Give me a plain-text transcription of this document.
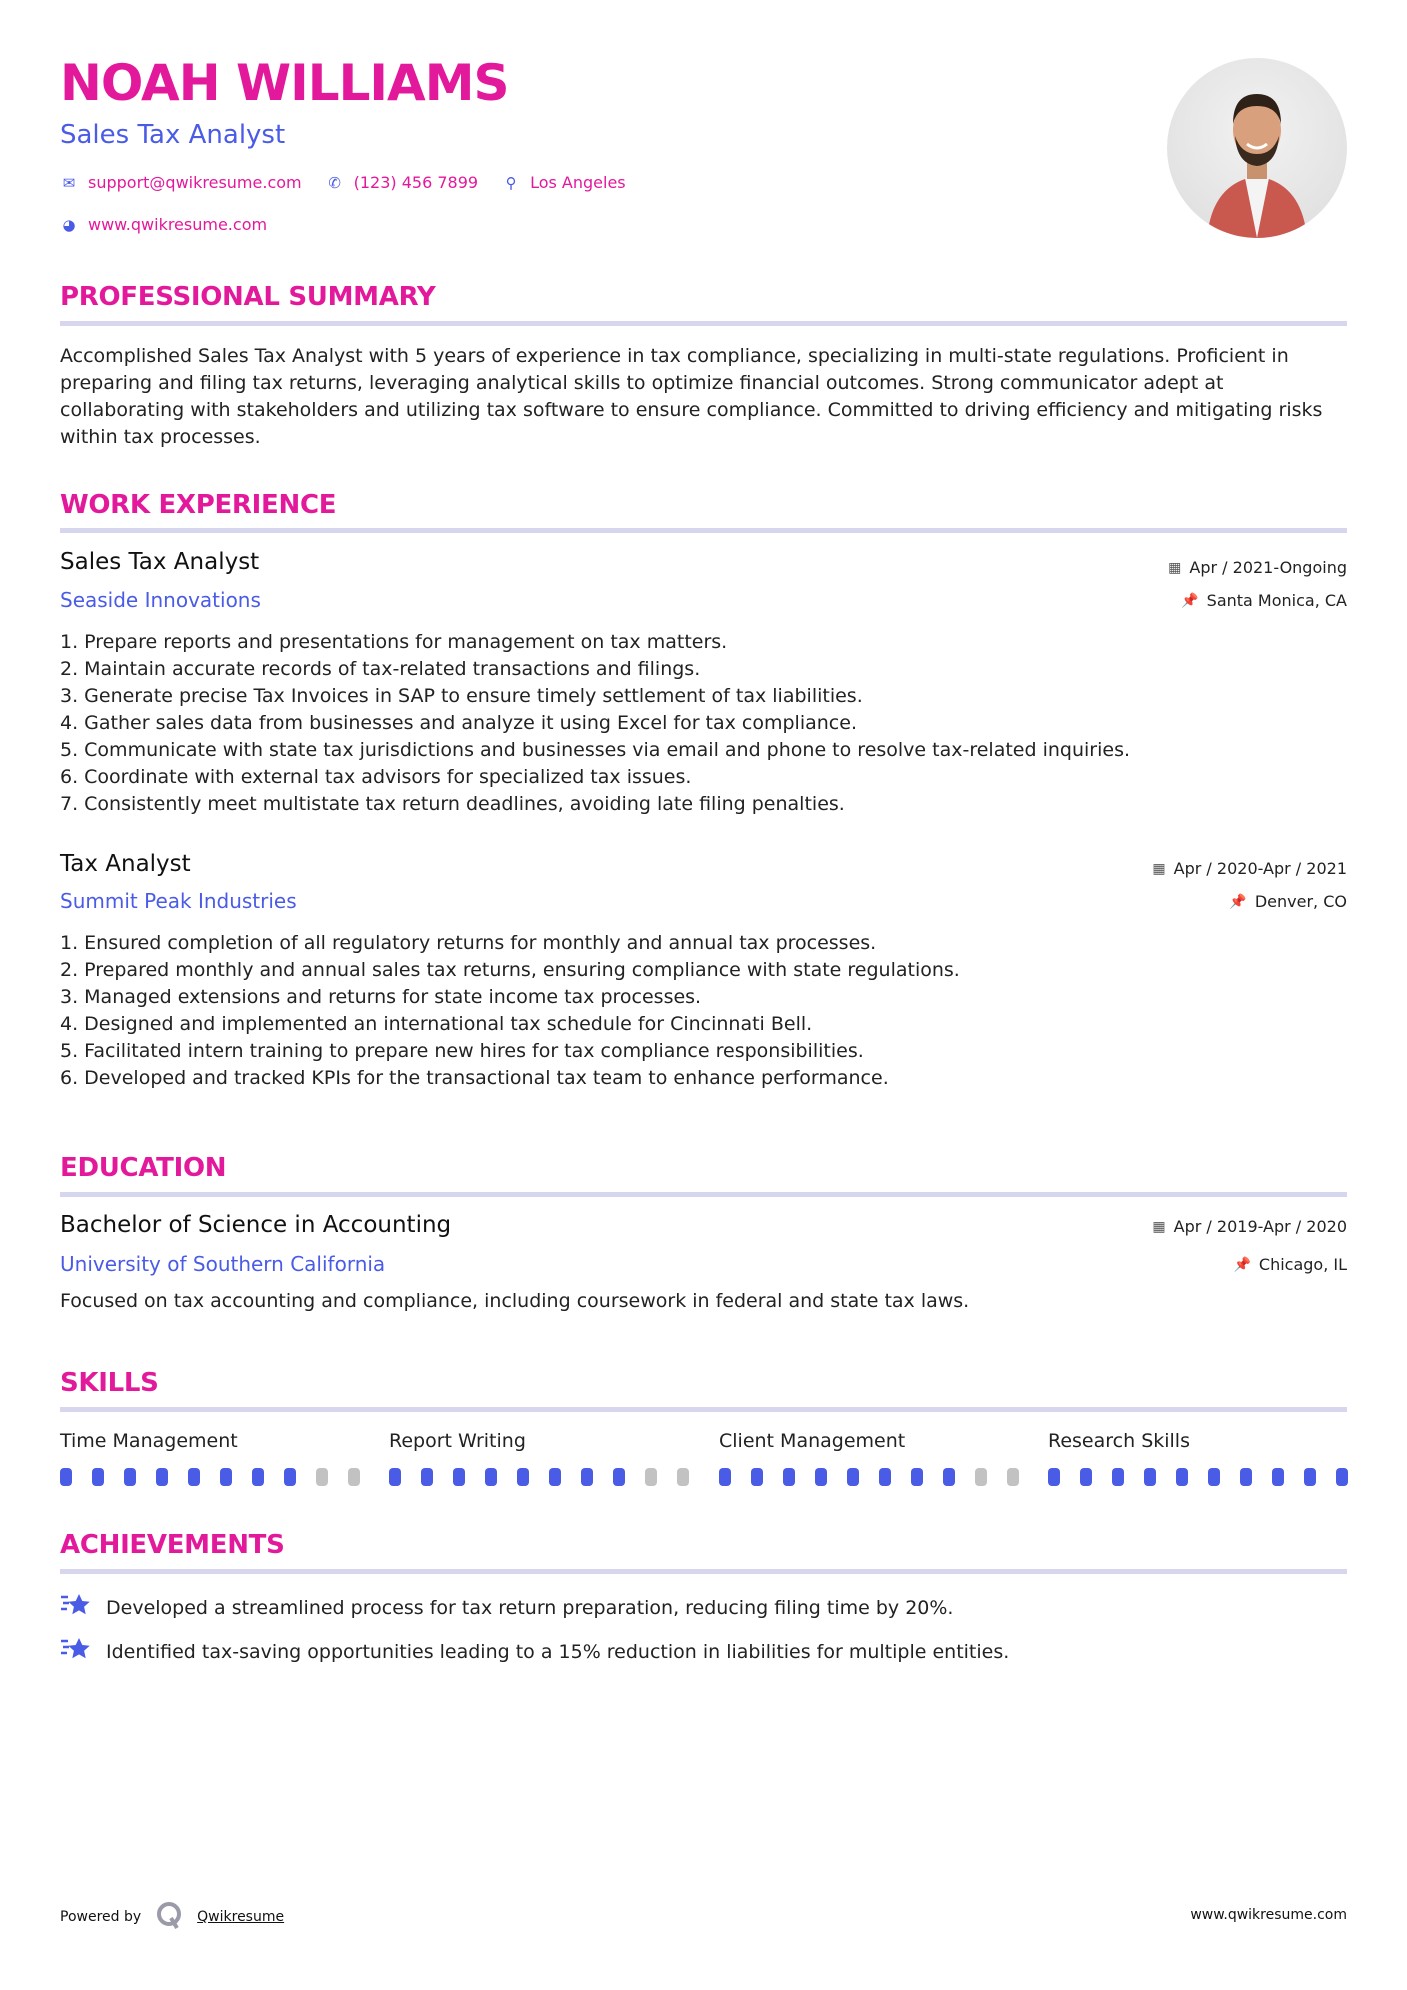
NOAH WILLIAMS
Sales Tax Analyst
✉ support@qwikresume.com ✆ (123) 456 7899 ⚲ Los Angeles
◕ www.qwikresume.com
PROFESSIONAL SUMMARY
Accomplished Sales Tax Analyst with 5 years of experience in tax compliance, specializing in multi-state regulations. Proficient in preparing and filing tax returns, leveraging analytical skills to optimize financial outcomes. Strong communicator adept at collaborating with stakeholders and utilizing tax software to ensure compliance. Committed to driving efficiency and mitigating risks within tax processes.
WORK EXPERIENCE
Sales Tax Analyst	▦ Apr / 2021-Ongoing
Seaside Innovations	📌 Santa Monica, CA
1. Prepare reports and presentations for management on tax matters.
2. Maintain accurate records of tax-related transactions and filings.
3. Generate precise Tax Invoices in SAP to ensure timely settlement of tax liabilities.
4. Gather sales data from businesses and analyze it using Excel for tax compliance.
5. Communicate with state tax jurisdictions and businesses via email and phone to resolve tax-related inquiries.
6. Coordinate with external tax advisors for specialized tax issues.
7. Consistently meet multistate tax return deadlines, avoiding late filing penalties.
Tax Analyst	▦ Apr / 2020-Apr / 2021
Summit Peak Industries	📌 Denver, CO
1. Ensured completion of all regulatory returns for monthly and annual tax processes.
2. Prepared monthly and annual sales tax returns, ensuring compliance with state regulations.
3. Managed extensions and returns for state income tax processes.
4. Designed and implemented an international tax schedule for Cincinnati Bell.
5. Facilitated intern training to prepare new hires for tax compliance responsibilities.
6. Developed and tracked KPIs for the transactional tax team to enhance performance.
EDUCATION
Bachelor of Science in Accounting	▦ Apr / 2019-Apr / 2020
University of Southern California	📌 Chicago, IL
Focused on tax accounting and compliance, including coursework in federal and state tax laws.
SKILLS
Time Management	Report Writing	Client Management	Research Skills
ACHIEVEMENTS
Developed a streamlined process for tax return preparation, reducing filing time by 20%.
Identified tax-saving opportunities leading to a 15% reduction in liabilities for multiple entities.
Powered by	Qwikresume	www.qwikresume.com
